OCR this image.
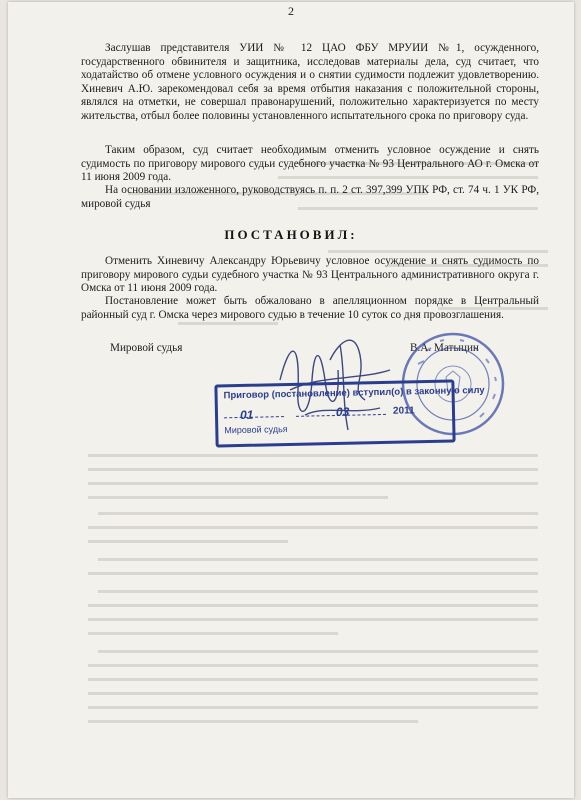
2
Заслушав представителя УИИ № 12 ЦАО ФБУ МРУИИ №1, осужденного, государственного обвинителя и защитника, исследовав материалы дела, суд считает, что ходатайство об отмене условного осуждения и о снятии судимости подлежит удовлетворению. Хиневич А.Ю. зарекомендовал себя за время отбытия наказания с положительной стороны, являлся на отметки, не совершал правонарушений, положительно характеризуется по месту жительства, отбыл более половины установленного испытательного срока по приговору суда.
Таким образом, суд считает необходимым отменить условное осуждение и снять судимость по приговору мирового судьи судебного участка № 93 Центрального АО г. Омска от 11 июня 2009 года.
На основании изложенного, руководствуясь п. п. 2 ст. 397,399 УПК РФ, ст. 74 ч. 1 УК РФ, мировой судья
ПОСТАНОВИЛ:
Отменить Хиневичу Александру Юрьевичу условное осуждение и снять судимость по приговору мирового судьи судебного участка № 93 Центрального административного округа г. Омска от 11 июня 2009 года.
Постановление может быть обжаловано в апелляционном порядке в Центральный районный суд г. Омска через мирового судью в течение 10 суток со дня провозглашения.
Мировой судья	В.А. Матыцин
Приговор (постановление) вступил(о) в законную силу
01	03	2011
Мировой судья
